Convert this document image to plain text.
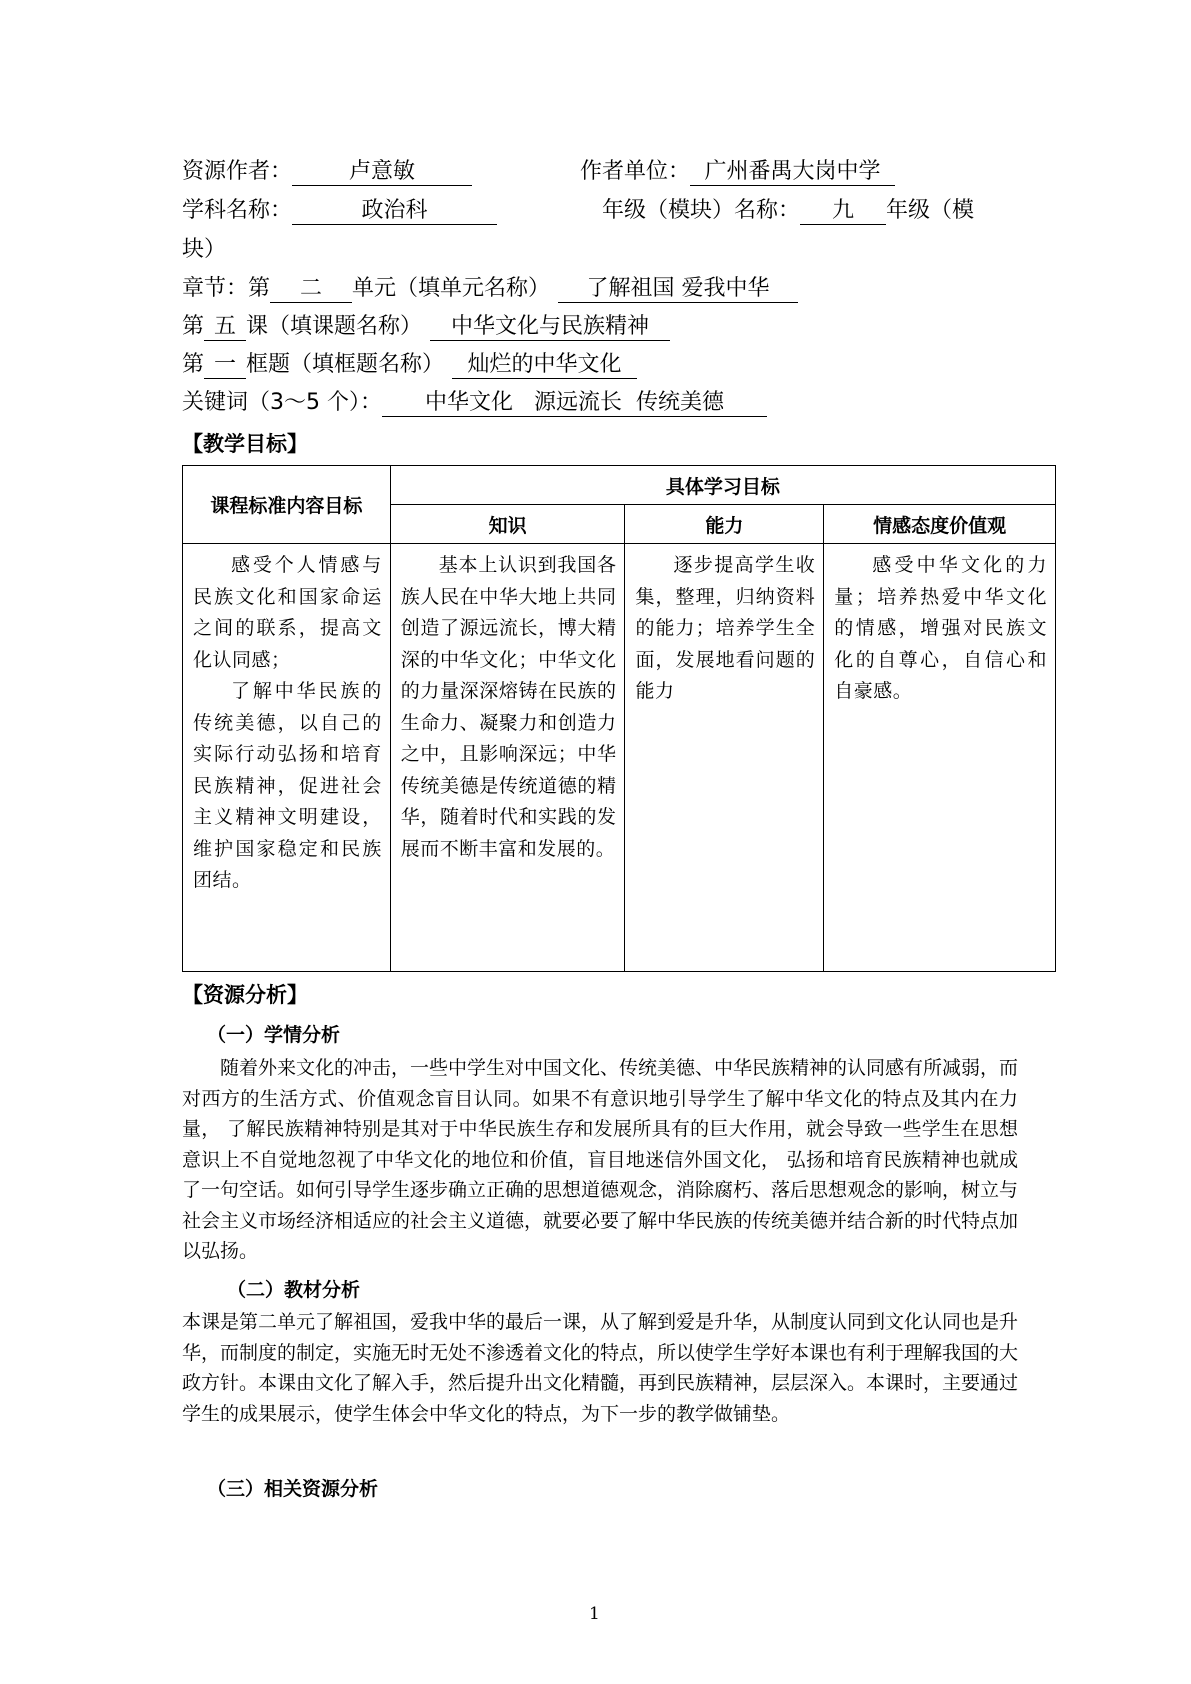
资源作者：	卢意敏	作者单位： 广州番禺大岗中学
学科名称：	政治科	年级（模块）名称： 九 年级（模
块）
章节：第 二 单元（填单元名称） 了解祖国 爱我中华
第 五 课（填课题名称） 中华文化与民族精神
第 一 框题（填框题名称） 灿烂的中华文化
关键词（3～5 个）： 中华文化   源远流长  传统美德
【教学目标】
课程标准内容目标	具体学习目标		
	知识	能力	情感态度价值观

感受个人情感与民族文化和国家命运之间的联系，提高文化认同感；

了解中华民族的传统美德，以自己的实际行动弘扬和培育民族精神，促进社会主义精神文明建设，维护国家稳定和民族团结。	基本上认识到我国各族人民在中华大地上共同创造了源远流长，博大精深的中华文化；中华文化的力量深深熔铸在民族的生命力、凝聚力和创造力之中，且影响深远；中华传统美德是传统道德的精华，随着时代和实践的发展而不断丰富和发展的。	逐步提高学生收集，整理，归纳资料的能力；培养学生全面，发展地看问题的能力	感受中华文化的力量；培养热爱中华文化的情感，增强对民族文化的自尊心，自信心和自豪感。

【资源分析】
（一）学情分析
随着外来文化的冲击，一些中学生对中国文化、传统美德、中华民族精神的认同感有所减弱，而对西方的生活方式、价值观念盲目认同。如果不有意识地引导学生了解中华文化的特点及其内在力量， 了解民族精神特别是其对于中华民族生存和发展所具有的巨大作用，就会导致一些学生在思想意识上不自觉地忽视了中华文化的地位和价值，盲目地迷信外国文化， 弘扬和培育民族精神也就成了一句空话。如何引导学生逐步确立正确的思想道德观念，消除腐朽、落后思想观念的影响，树立与社会主义市场经济相适应的社会主义道德，就要必要了解中华民族的传统美德并结合新的时代特点加以弘扬。
（二）教材分析
本课是第二单元了解祖国，爱我中华的最后一课，从了解到爱是升华，从制度认同到文化认同也是升华，而制度的制定，实施无时无处不渗透着文化的特点，所以使学生学好本课也有利于理解我国的大政方针。本课由文化了解入手，然后提升出文化精髓，再到民族精神，层层深入。本课时，主要通过学生的成果展示，使学生体会中华文化的特点，为下一步的教学做铺垫。
（三）相关资源分析
1
